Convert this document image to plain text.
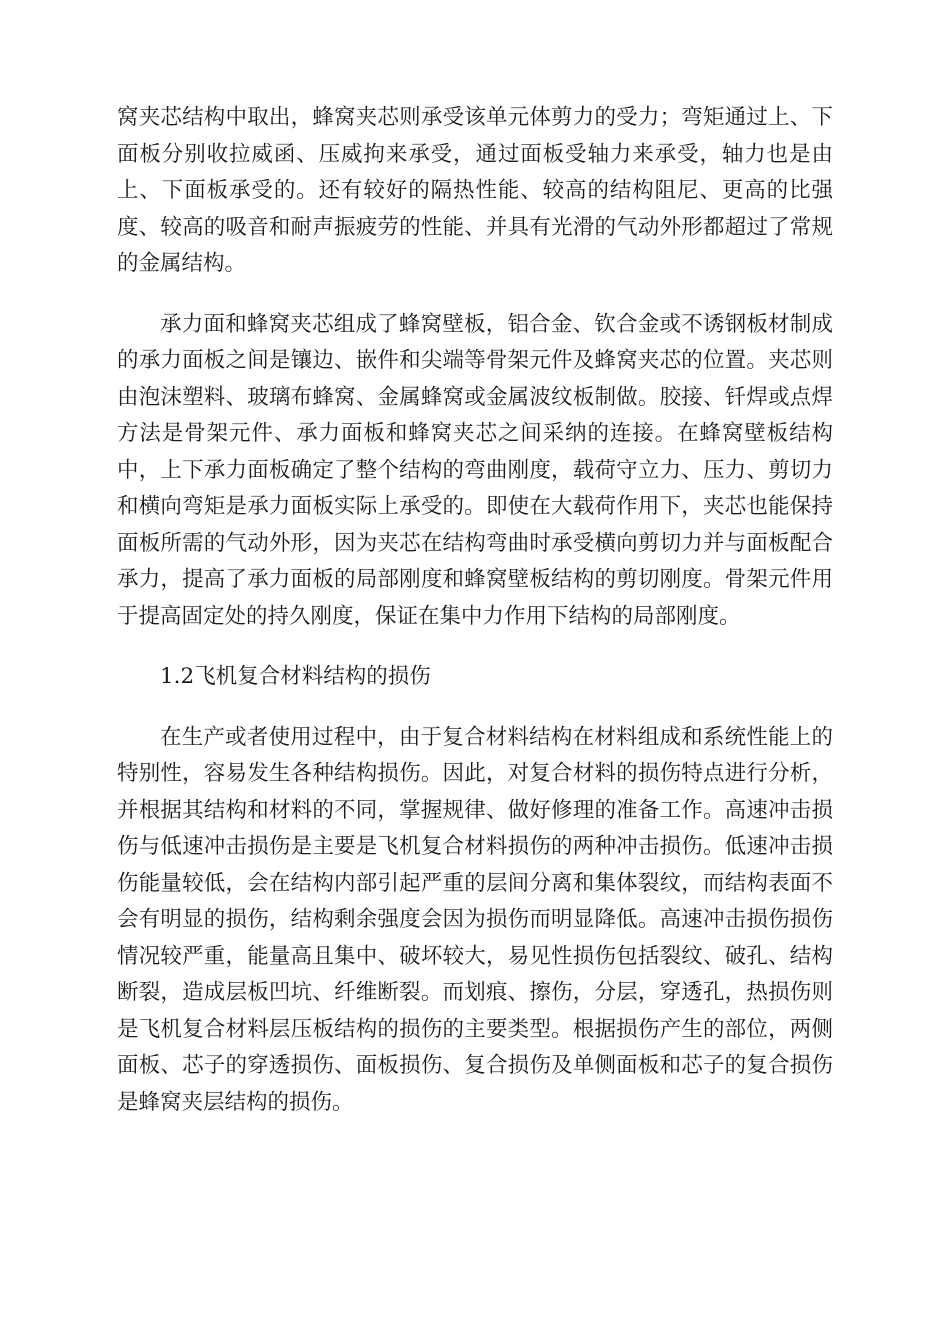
窝夹芯结构中取出，蜂窝夹芯则承受该单元体剪力的受力；弯矩通过上、下面板分别收拉威函、压威拘来承受，通过面板受轴力来承受，轴力也是由上、下面板承受的。还有较好的隔热性能、较高的结构阻尼、更高的比强度、较高的吸音和耐声振疲劳的性能、并具有光滑的气动外形都超过了常规的金属结构。

承力面和蜂窝夹芯组成了蜂窝壁板，铝合金、钦合金或不诱钢板材制成的承力面板之间是镶边、嵌件和尖端等骨架元件及蜂窝夹芯的位置。夹芯则由泡沫塑料、玻璃布蜂窝、金属蜂窝或金属波纹板制做。胶接、钎焊或点焊方法是骨架元件、承力面板和蜂窝夹芯之间采纳的连接。在蜂窝壁板结构中，上下承力面板确定了整个结构的弯曲刚度，载荷守立力、压力、剪切力和横向弯矩是承力面板实际上承受的。即使在大载荷作用下，夹芯也能保持面板所需的气动外形，因为夹芯在结构弯曲时承受横向剪切力并与面板配合承力，提高了承力面板的局部刚度和蜂窝壁板结构的剪切刚度。骨架元件用于提高固定处的持久刚度，保证在集中力作用下结构的局部刚度。

1.2飞机复合材料结构的损伤

在生产或者使用过程中，由于复合材料结构在材料组成和系统性能上的特别性，容易发生各种结构损伤。因此，对复合材料的损伤特点进行分析，并根据其结构和材料的不同，掌握规律、做好修理的准备工作。高速冲击损伤与低速冲击损伤是主要是飞机复合材料损伤的两种冲击损伤。低速冲击损伤能量较低，会在结构内部引起严重的层间分离和集体裂纹，而结构表面不会有明显的损伤，结构剩余强度会因为损伤而明显降低。高速冲击损伤损伤情况较严重，能量高且集中、破坏较大，易见性损伤包括裂纹、破孔、结构断裂，造成层板凹坑、纤维断裂。而划痕、擦伤，分层，穿透孔，热损伤则是飞机复合材料层压板结构的损伤的主要类型。根据损伤产生的部位，两侧面板、芯子的穿透损伤、面板损伤、复合损伤及单侧面板和芯子的复合损伤是蜂窝夹层结构的损伤。
